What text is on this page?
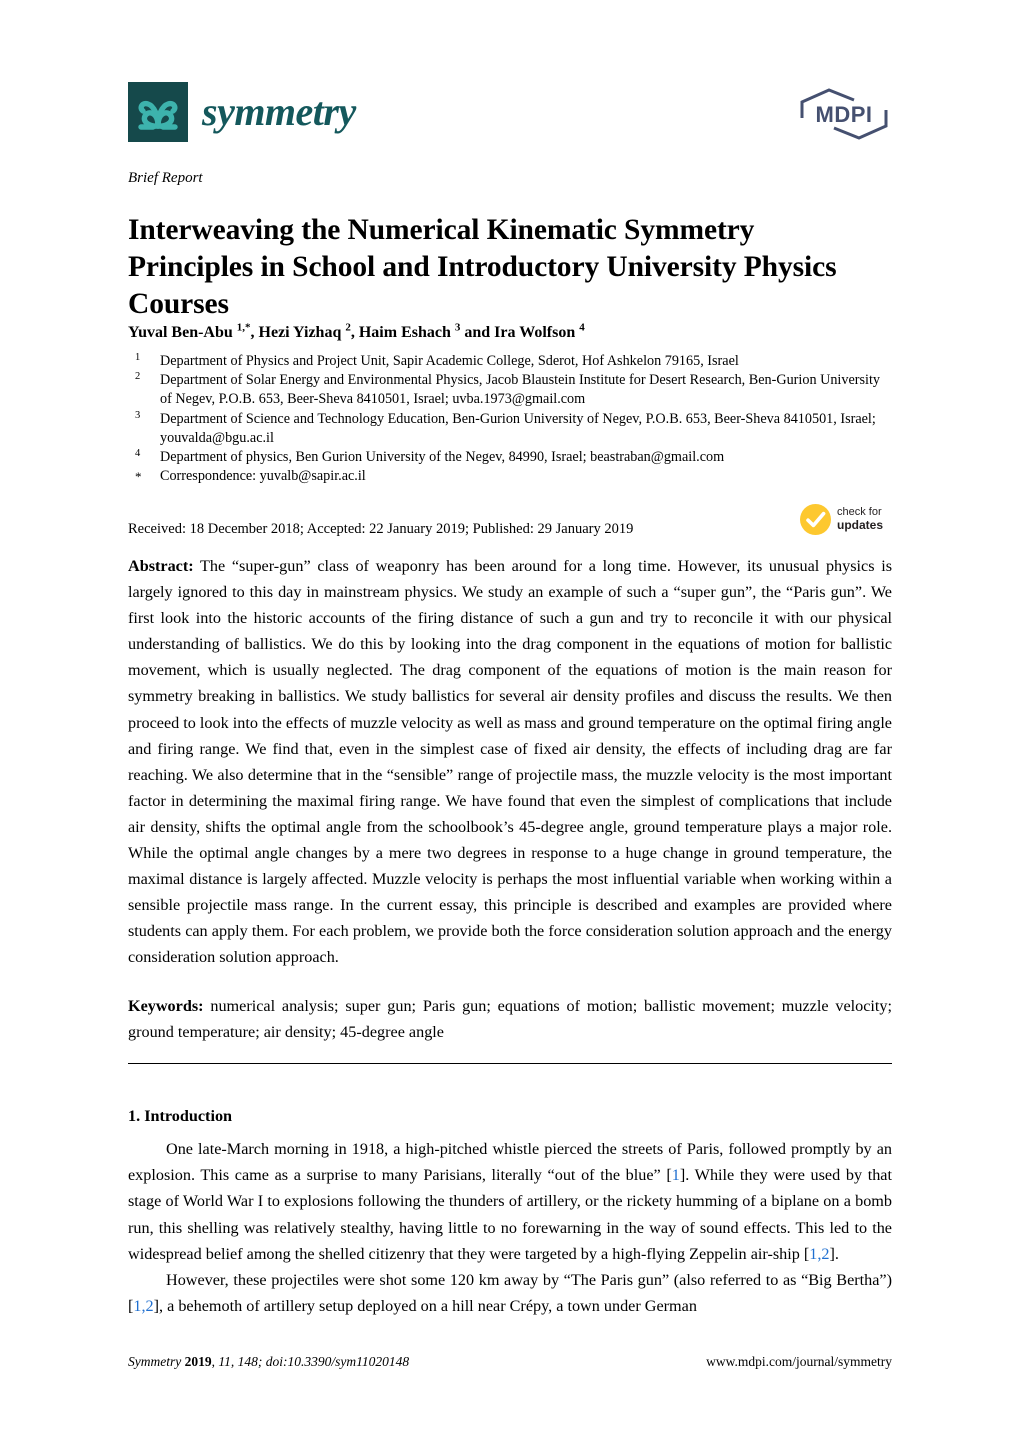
symmetry	MDPI
Brief Report
Interweaving the Numerical Kinematic Symmetry Principles in School and Introductory University Physics Courses
Yuval Ben-Abu $^{1,*}$, Hezi Yizhaq $^2$, Haim Eshach $^3$ and Ira Wolfson $^4$
1	Department of Physics and Project Unit, Sapir Academic College, Sderot, Hof Ashkelon 79165, Israel
2	Department of Solar Energy and Environmental Physics, Jacob Blaustein Institute for Desert Research, Ben-Gurion University of Negev, P.O.B. 653, Beer-Sheva 8410501, Israel; uvba.1973@gmail.com
3	Department of Science and Technology Education, Ben-Gurion University of Negev, P.O.B. 653, Beer-Sheva 8410501, Israel; youvalda@bgu.ac.il
4	Department of physics, Ben Gurion University of the Negev, 84990, Israel; beastraban@gmail.com
*	Correspondence: yuvalb@sapir.ac.il
Received: 18 December 2018; Accepted: 22 January 2019; Published: 29 January 2019
check for
updates
Abstract: The “super-gun” class of weaponry has been around for a long time. However, its unusual physics is largely ignored to this day in mainstream physics. We study an example of such a “super gun”, the “Paris gun”. We first look into the historic accounts of the firing distance of such a gun and try to reconcile it with our physical understanding of ballistics. We do this by looking into the drag component in the equations of motion for ballistic movement, which is usually neglected. The drag component of the equations of motion is the main reason for symmetry breaking in ballistics. We study ballistics for several air density profiles and discuss the results. We then proceed to look into the effects of muzzle velocity as well as mass and ground temperature on the optimal firing angle and firing range. We find that, even in the simplest case of fixed air density, the effects of including drag are far reaching. We also determine that in the “sensible” range of projectile mass, the muzzle velocity is the most important factor in determining the maximal firing range. We have found that even the simplest of complications that include air density, shifts the optimal angle from the schoolbook’s 45-degree angle, ground temperature plays a major role. While the optimal angle changes by a mere two degrees in response to a huge change in ground temperature, the maximal distance is largely affected. Muzzle velocity is perhaps the most influential variable when working within a sensible projectile mass range. In the current essay, this principle is described and examples are provided where students can apply them. For each problem, we provide both the force consideration solution approach and the energy consideration solution approach.
Keywords: numerical analysis; super gun; Paris gun; equations of motion; ballistic movement; muzzle velocity; ground temperature; air density; 45-degree angle
1. Introduction

One late-March morning in 1918, a high-pitched whistle pierced the streets of Paris, followed promptly by an explosion. This came as a surprise to many Parisians, literally “out of the blue” [1]. While they were used by that stage of World War I to explosions following the thunders of artillery, or the rickety humming of a biplane on a bomb run, this shelling was relatively stealthy, having little to no forewarning in the way of sound effects. This led to the widespread belief among the shelled citizenry that they were targeted by a high-flying Zeppelin air-ship [1,2].

However, these projectiles were shot some 120 km away by “The Paris gun” (also referred to as “Big Bertha”) [1,2], a behemoth of artillery setup deployed on a hill near Crépy, a town under German

Symmetry 2019, 11, 148; doi:10.3390/sym11020148	www.mdpi.com/journal/symmetry
